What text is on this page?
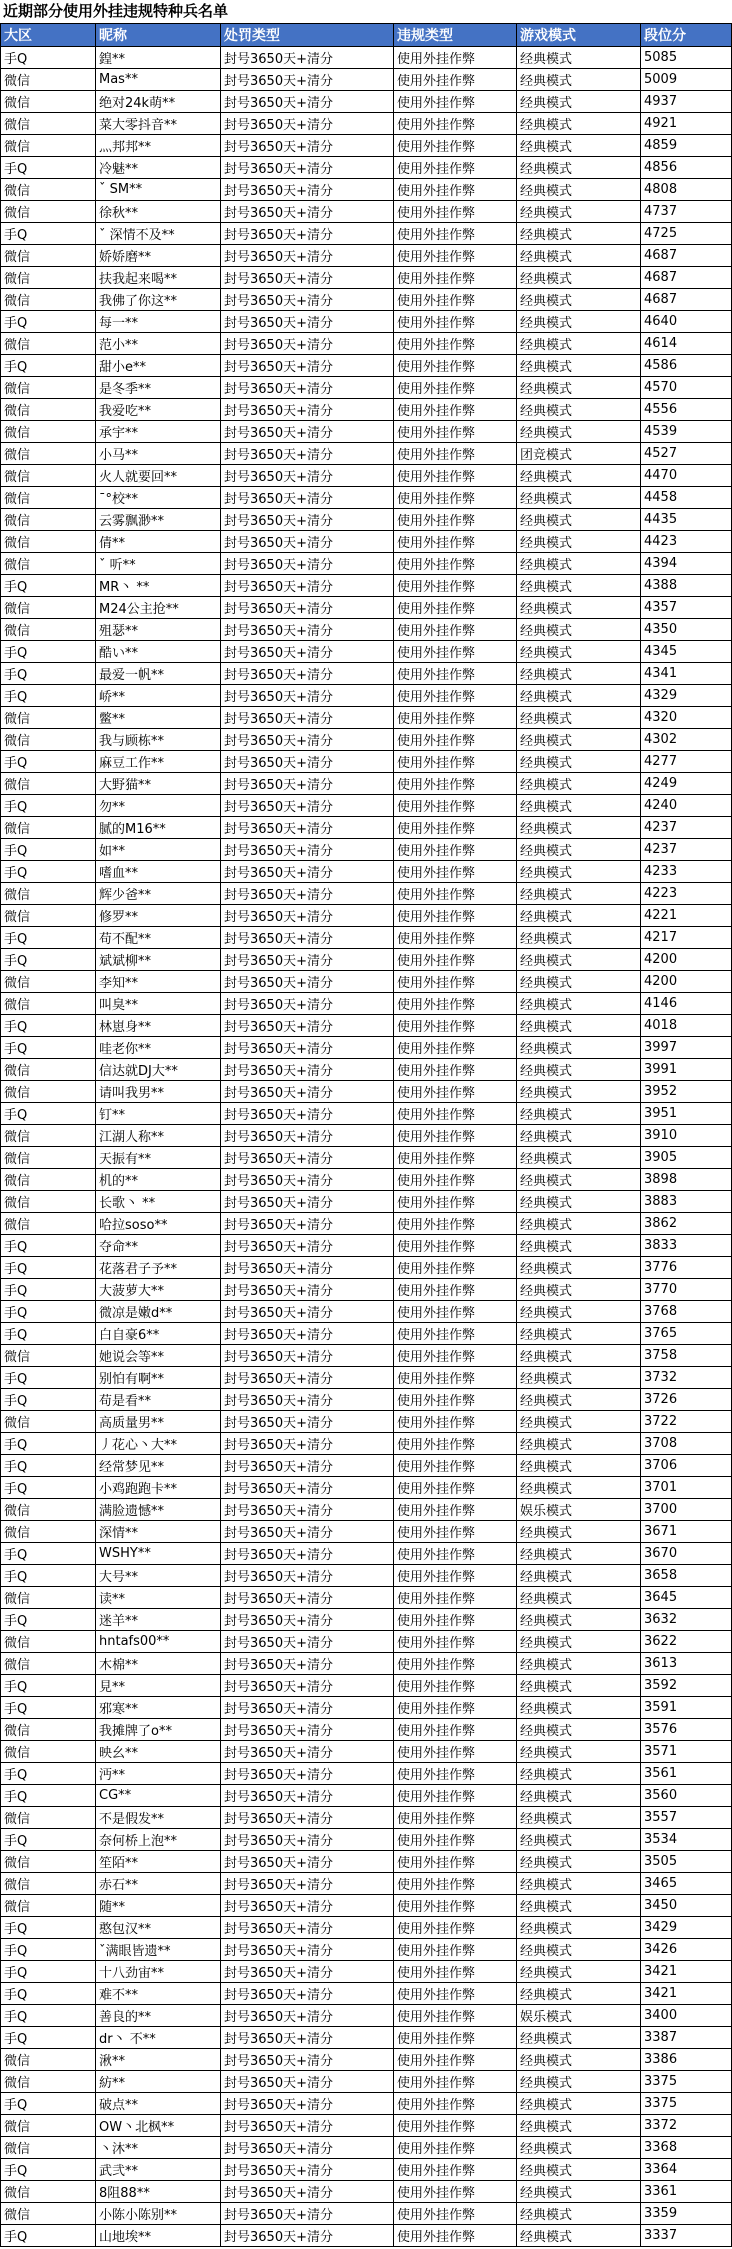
近期部分使用外挂违规特种兵名单
大区	昵称	处罚类型	违规类型	游戏模式	段位分
手Q	鍠**	封号3650天+清分	使用外挂作弊	经典模式	5085
微信	Mas**	封号3650天+清分	使用外挂作弊	经典模式	5009
微信	绝对24k萌**	封号3650天+清分	使用外挂作弊	经典模式	4937
微信	菜大零抖音**	封号3650天+清分	使用外挂作弊	经典模式	4921
微信	灬邦邦**	封号3650天+清分	使用外挂作弊	经典模式	4859
手Q	冷魅**	封号3650天+清分	使用外挂作弊	经典模式	4856
微信	ˇ SM**	封号3650天+清分	使用外挂作弊	经典模式	4808
微信	徐秋**	封号3650天+清分	使用外挂作弊	经典模式	4737
手Q	ˇ 深情不及**	封号3650天+清分	使用外挂作弊	经典模式	4725
微信	娇娇磨**	封号3650天+清分	使用外挂作弊	经典模式	4687
微信	扶我起来喝**	封号3650天+清分	使用外挂作弊	经典模式	4687
微信	我佛了你这**	封号3650天+清分	使用外挂作弊	经典模式	4687
手Q	每一**	封号3650天+清分	使用外挂作弊	经典模式	4640
微信	范小**	封号3650天+清分	使用外挂作弊	经典模式	4614
手Q	甜小e**	封号3650天+清分	使用外挂作弊	经典模式	4586
微信	是冬季**	封号3650天+清分	使用外挂作弊	经典模式	4570
微信	我爱吃**	封号3650天+清分	使用外挂作弊	经典模式	4556
微信	承宇**	封号3650天+清分	使用外挂作弊	经典模式	4539
微信	小马**	封号3650天+清分	使用外挂作弊	团竞模式	4527
微信	火人就要回**	封号3650天+清分	使用外挂作弊	经典模式	4470
微信	ˉ°校**	封号3650天+清分	使用外挂作弊	经典模式	4458
微信	云雾飘渺**	封号3650天+清分	使用外挂作弊	经典模式	4435
微信	倩**	封号3650天+清分	使用外挂作弊	经典模式	4423
微信	ˇ 听**	封号3650天+清分	使用外挂作弊	经典模式	4394
手Q	MR丶 **	封号3650天+清分	使用外挂作弊	经典模式	4388
微信	M24公主抢**	封号3650天+清分	使用外挂作弊	经典模式	4357
微信	殂瑟**	封号3650天+清分	使用外挂作弊	经典模式	4350
手Q	酷い**	封号3650天+清分	使用外挂作弊	经典模式	4345
手Q	最爱一帆**	封号3650天+清分	使用外挂作弊	经典模式	4341
手Q	峤**	封号3650天+清分	使用外挂作弊	经典模式	4329
微信	鳖**	封号3650天+清分	使用外挂作弊	经典模式	4320
微信	我与顾栋**	封号3650天+清分	使用外挂作弊	经典模式	4302
手Q	麻豆工作**	封号3650天+清分	使用外挂作弊	经典模式	4277
微信	大野猫**	封号3650天+清分	使用外挂作弊	经典模式	4249
手Q	勿**	封号3650天+清分	使用外挂作弊	经典模式	4240
微信	腻的M16**	封号3650天+清分	使用外挂作弊	经典模式	4237
手Q	如**	封号3650天+清分	使用外挂作弊	经典模式	4237
手Q	嗜血**	封号3650天+清分	使用外挂作弊	经典模式	4233
微信	辉少爸**	封号3650天+清分	使用外挂作弊	经典模式	4223
微信	修罗**	封号3650天+清分	使用外挂作弊	经典模式	4221
手Q	苟不配**	封号3650天+清分	使用外挂作弊	经典模式	4217
手Q	斌斌柳**	封号3650天+清分	使用外挂作弊	经典模式	4200
微信	李知**	封号3650天+清分	使用外挂作弊	经典模式	4200
微信	叫臭**	封号3650天+清分	使用外挂作弊	经典模式	4146
手Q	林崽身**	封号3650天+清分	使用外挂作弊	经典模式	4018
手Q	哇老你**	封号3650天+清分	使用外挂作弊	经典模式	3997
微信	信达就DJ大**	封号3650天+清分	使用外挂作弊	经典模式	3991
微信	请叫我男**	封号3650天+清分	使用外挂作弊	经典模式	3952
手Q	钉**	封号3650天+清分	使用外挂作弊	经典模式	3951
微信	江湖人称**	封号3650天+清分	使用外挂作弊	经典模式	3910
微信	天振有**	封号3650天+清分	使用外挂作弊	经典模式	3905
微信	机的**	封号3650天+清分	使用外挂作弊	经典模式	3898
微信	长歌丶 **	封号3650天+清分	使用外挂作弊	经典模式	3883
微信	哈拉soso**	封号3650天+清分	使用外挂作弊	经典模式	3862
手Q	夺命**	封号3650天+清分	使用外挂作弊	经典模式	3833
手Q	花落君子予**	封号3650天+清分	使用外挂作弊	经典模式	3776
手Q	大菠萝大**	封号3650天+清分	使用外挂作弊	经典模式	3770
手Q	微凉是嫩d**	封号3650天+清分	使用外挂作弊	经典模式	3768
手Q	白自豪6**	封号3650天+清分	使用外挂作弊	经典模式	3765
微信	她说会等**	封号3650天+清分	使用外挂作弊	经典模式	3758
手Q	别怕有啊**	封号3650天+清分	使用外挂作弊	经典模式	3732
手Q	苟是看**	封号3650天+清分	使用外挂作弊	经典模式	3726
微信	高质量男**	封号3650天+清分	使用外挂作弊	经典模式	3722
手Q	丿花心丶大**	封号3650天+清分	使用外挂作弊	经典模式	3708
手Q	经常梦见**	封号3650天+清分	使用外挂作弊	经典模式	3706
手Q	小鸡跑跑卡**	封号3650天+清分	使用外挂作弊	经典模式	3701
微信	满脸遗憾**	封号3650天+清分	使用外挂作弊	娱乐模式	3700
微信	深情**	封号3650天+清分	使用外挂作弊	经典模式	3671
手Q	WSHY**	封号3650天+清分	使用外挂作弊	经典模式	3670
手Q	大号**	封号3650天+清分	使用外挂作弊	经典模式	3658
微信	读**	封号3650天+清分	使用外挂作弊	经典模式	3645
手Q	迷羊**	封号3650天+清分	使用外挂作弊	经典模式	3632
微信	hntafs00**	封号3650天+清分	使用外挂作弊	经典模式	3622
微信	木棉**	封号3650天+清分	使用外挂作弊	经典模式	3613
手Q	見**	封号3650天+清分	使用外挂作弊	经典模式	3592
手Q	邪寒**	封号3650天+清分	使用外挂作弊	经典模式	3591
微信	我摊牌了o**	封号3650天+清分	使用外挂作弊	经典模式	3576
微信	映幺**	封号3650天+清分	使用外挂作弊	经典模式	3571
手Q	沔**	封号3650天+清分	使用外挂作弊	经典模式	3561
手Q	CG**	封号3650天+清分	使用外挂作弊	经典模式	3560
微信	不是假发**	封号3650天+清分	使用外挂作弊	经典模式	3557
手Q	奈何桥上泡**	封号3650天+清分	使用外挂作弊	经典模式	3534
微信	笙陌**	封号3650天+清分	使用外挂作弊	经典模式	3505
微信	赤石**	封号3650天+清分	使用外挂作弊	经典模式	3465
微信	随**	封号3650天+清分	使用外挂作弊	经典模式	3450
手Q	憨包汉**	封号3650天+清分	使用外挂作弊	经典模式	3429
手Q	ˇ满眼皆遗**	封号3650天+清分	使用外挂作弊	经典模式	3426
手Q	十八劲宙**	封号3650天+清分	使用外挂作弊	经典模式	3421
手Q	难不**	封号3650天+清分	使用外挂作弊	经典模式	3421
手Q	善良的**	封号3650天+清分	使用外挂作弊	娱乐模式	3400
手Q	dr丶 不**	封号3650天+清分	使用外挂作弊	经典模式	3387
微信	湫**	封号3650天+清分	使用外挂作弊	经典模式	3386
微信	紡**	封号3650天+清分	使用外挂作弊	经典模式	3375
手Q	破点**	封号3650天+清分	使用外挂作弊	经典模式	3375
微信	OW丶北枫**	封号3650天+清分	使用外挂作弊	经典模式	3372
微信	丶沐**	封号3650天+清分	使用外挂作弊	经典模式	3368
手Q	武弐**	封号3650天+清分	使用外挂作弊	经典模式	3364
微信	8阻88**	封号3650天+清分	使用外挂作弊	经典模式	3361
微信	小陈小陈别**	封号3650天+清分	使用外挂作弊	经典模式	3359
手Q	山地埃**	封号3650天+清分	使用外挂作弊	经典模式	3337
